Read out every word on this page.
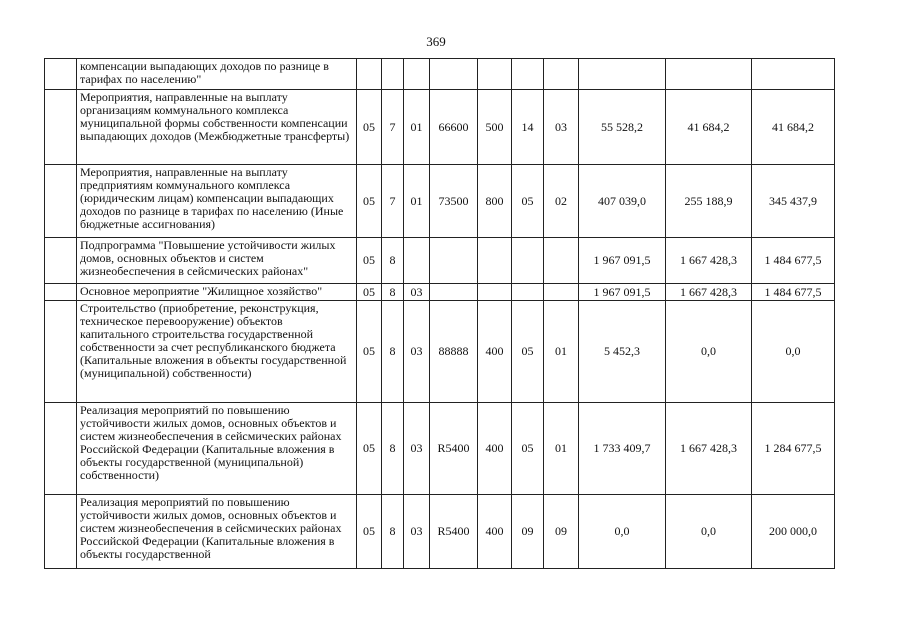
369
	компенсации выпадающих доходов по разнице в тарифах по населению"										
	Мероприятия, направленные на выплату организациям коммунального комплекса муниципальной формы собственности компенсации выпадающих доходов (Межбюджетные трансферты)	05	7	01	66600	500	14	03	55 528,2	41 684,2	41 684,2
	Мероприятия, направленные на выплату предприятиям коммунального комплекса (юридическим лицам) компенсации выпадающих доходов по разнице в тарифах по населению (Иные бюджетные ассигнования)	05	7	01	73500	800	05	02	407 039,0	255 188,9	345 437,9
	Подпрограмма "Повышение устойчивости жилых домов, основных объектов и систем жизнеобеспечения в сейсмических районах"	05	8						1 967 091,5	1 667 428,3	1 484 677,5
	Основное мероприятие "Жилищное хозяйство"	05	8	03					1 967 091,5	1 667 428,3	1 484 677,5
	Строительство (приобретение, реконструкция, техническое перевооружение) объектов капитального строительства государственной собственности за счет республиканского бюджета (Капитальные вложения в объекты государственной (муниципальной) собственности)	05	8	03	88888	400	05	01	5 452,3	0,0	0,0
	Реализация мероприятий по повышению устойчивости жилых домов, основных объектов и систем жизнеобеспечения в сейсмических районах Российской Федерации (Капитальные вложения в объекты государственной (муниципальной) собственности)	05	8	03	R5400	400	05	01	1 733 409,7	1 667 428,3	1 284 677,5
	Реализация мероприятий по повышению устойчивости жилых домов, основных объектов и систем жизнеобеспечения в сейсмических районах Российской Федерации (Капитальные вложения в объекты государственной	05	8	03	R5400	400	09	09	0,0	0,0	200 000,0
